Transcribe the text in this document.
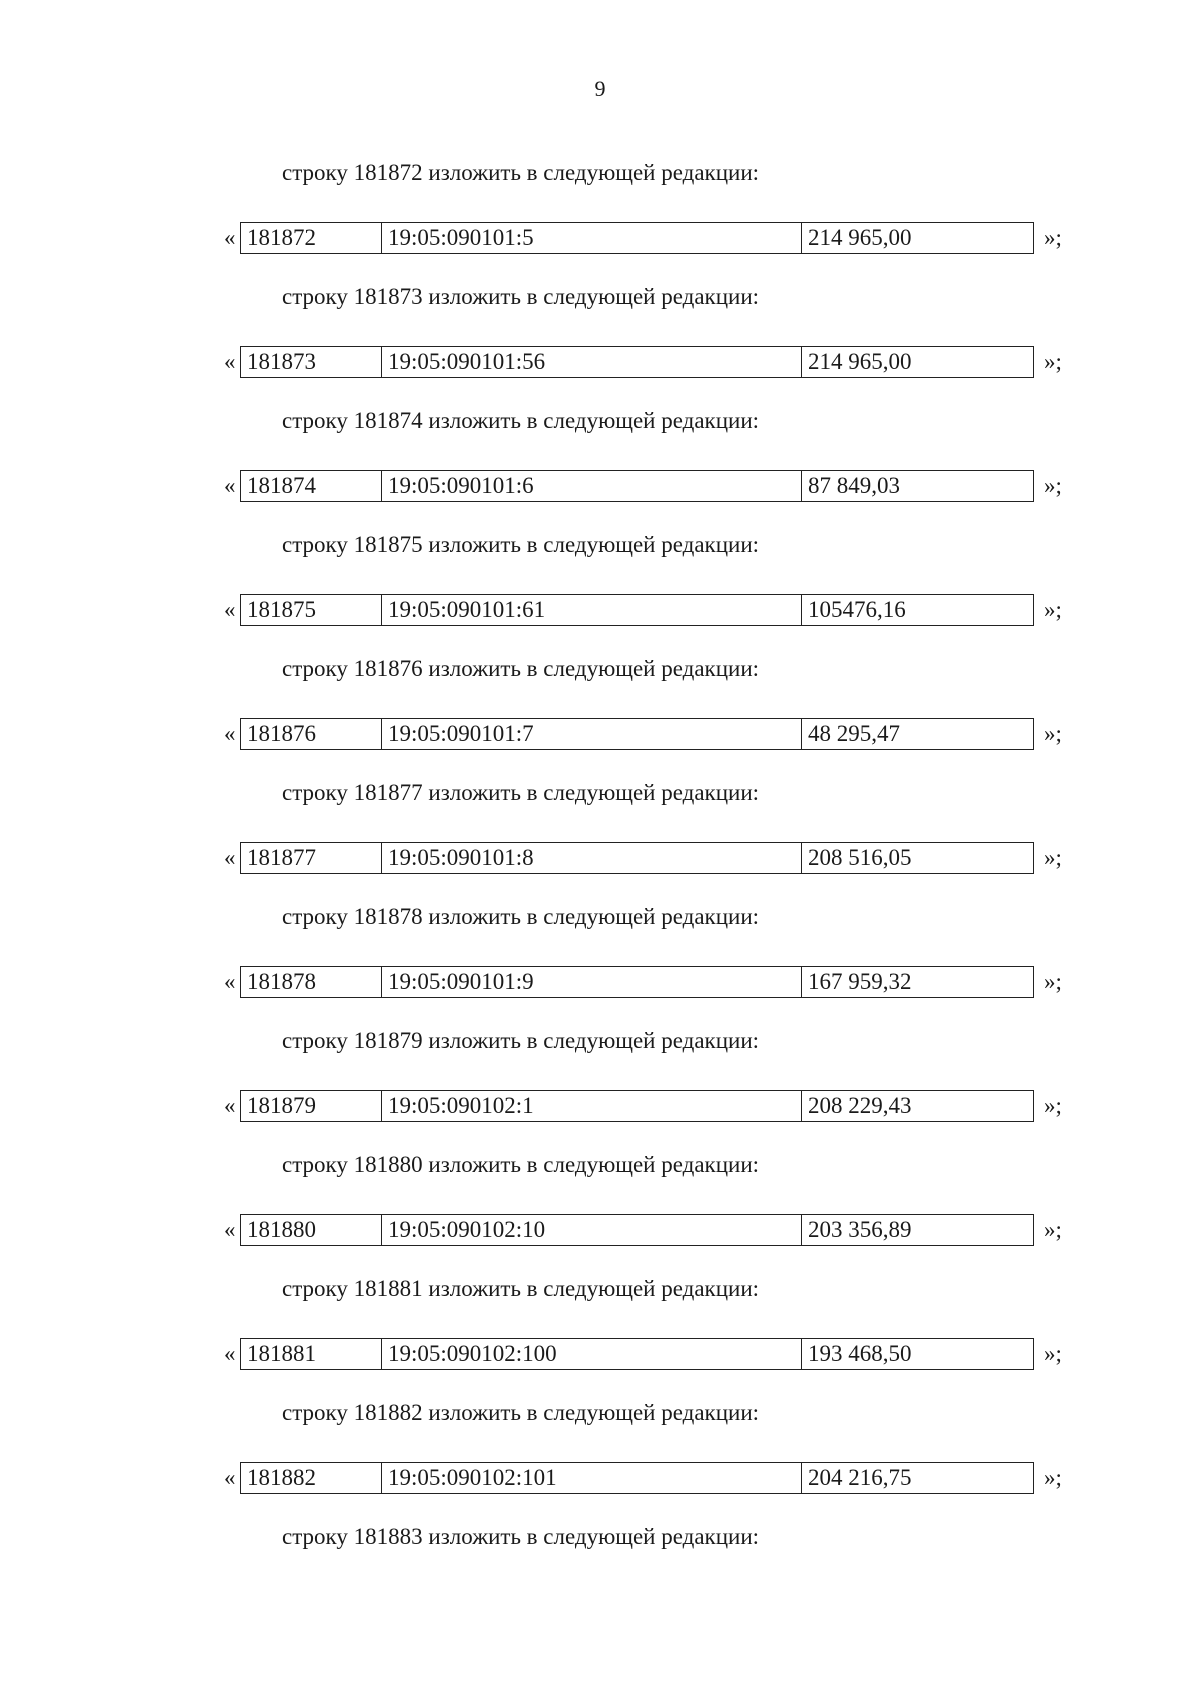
9
строку 181872 изложить в следующей редакции:
« 181872	19:05:090101:5	214 965,00	»;
строку 181873 изложить в следующей редакции:
« 181873	19:05:090101:56	214 965,00	»;
строку 181874 изложить в следующей редакции:
« 181874	19:05:090101:6	87 849,03	»;
строку 181875 изложить в следующей редакции:
« 181875	19:05:090101:61	105476,16	»;
строку 181876 изложить в следующей редакции:
« 181876	19:05:090101:7	48 295,47	»;
строку 181877 изложить в следующей редакции:
« 181877	19:05:090101:8	208 516,05	»;
строку 181878 изложить в следующей редакции:
« 181878	19:05:090101:9	167 959,32	»;
строку 181879 изложить в следующей редакции:
« 181879	19:05:090102:1	208 229,43	»;
строку 181880 изложить в следующей редакции:
« 181880	19:05:090102:10	203 356,89	»;
строку 181881 изложить в следующей редакции:
« 181881	19:05:090102:100	193 468,50	»;
строку 181882 изложить в следующей редакции:
« 181882	19:05:090102:101	204 216,75	»;
строку 181883 изложить в следующей редакции:
